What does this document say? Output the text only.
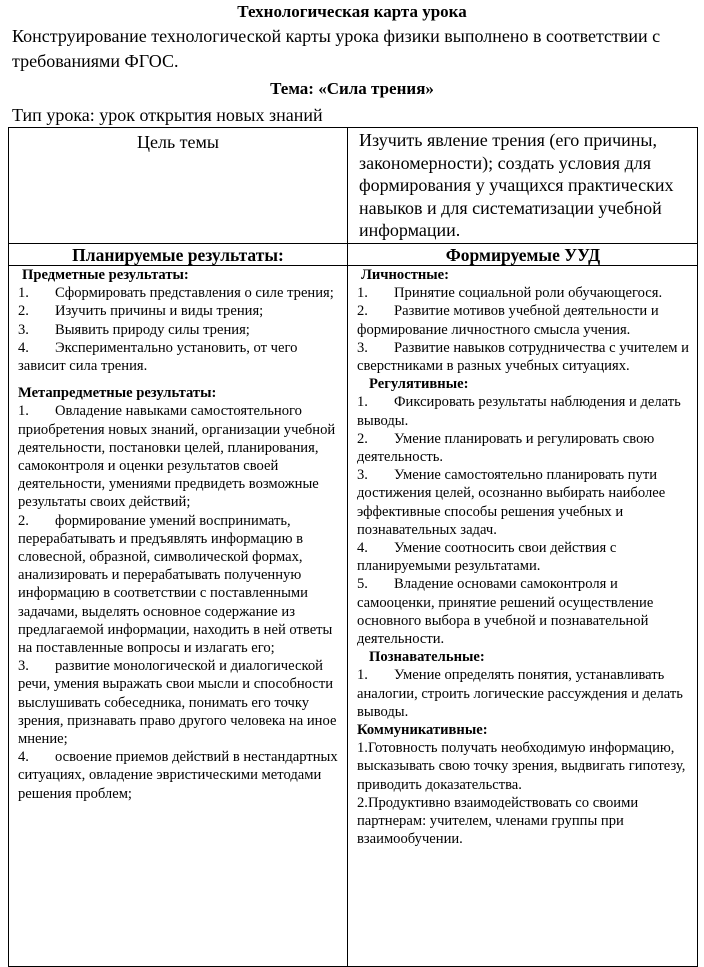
Технологическая карта урока
Конструирование технологической карты урока физики выполнено в соответствии с требованиями ФГОС.
Тема: «Сила трения»
Тип урока: урок открытия новых знаний
Цель темы	Изучить явление трения (его причины, закономерности); создать условия для формирования у учащихся практических навыков и для систематизации учебной информации.
Планируемые результаты:	Формируемые УУД
Предметные результаты:
1. Сформировать представления о силе трения;
2. Изучить причины и виды трения;
3. Выявить природу силы трения;
4. Экспериментально установить, от чего зависит сила трения.
Метапредметные результаты:
1. Овладение навыками самостоятельного приобретения новых знаний, организации учебной деятельности, постановки целей, планирования, самоконтроля и оценки результатов своей деятельности, умениями предвидеть возможные результаты своих действий;
2. формирование умений воспринимать, перерабатывать и предъявлять информацию в словесной, образной, символической формах, анализировать и перерабатывать полученную информацию в соответствии с поставленными задачами, выделять основное содержание из предлагаемой информации, находить в ней ответы на поставленные вопросы и излагать его;
3. развитие монологической и диалогической речи, умения выражать свои мысли и способности выслушивать собеседника, понимать его точку зрения, признавать право другого человека на иное мнение;
4. освоение приемов действий в нестандартных ситуациях, овладение эвристическими методами решения проблем;
Личностные:
1. Принятие социальной роли обучающегося.
2. Развитие мотивов учебной деятельности и формирование личностного смысла учения.
3. Развитие навыков сотрудничества с учителем и сверстниками в разных учебных ситуациях.
Регулятивные:
1. Фиксировать результаты наблюдения и делать выводы.
2. Умение планировать и регулировать свою деятельность.
3. Умение самостоятельно планировать пути достижения целей, осознанно выбирать наиболее эффективные способы решения учебных и познавательных задач.
4. Умение соотносить свои действия с планируемыми результатами.
5. Владение основами самоконтроля и самооценки, принятие решений осуществление основного выбора в учебной и познавательной деятельности.
Познавательные:
1. Умение определять понятия, устанавливать аналогии, строить логические рассуждения и делать выводы.
Коммуникативные:
1.Готовность получать необходимую информацию, высказывать свою точку зрения, выдвигать гипотезу, приводить доказательства.
2.Продуктивно взаимодействовать со своими партнерам: учителем, членами группы при взаимообучении.
